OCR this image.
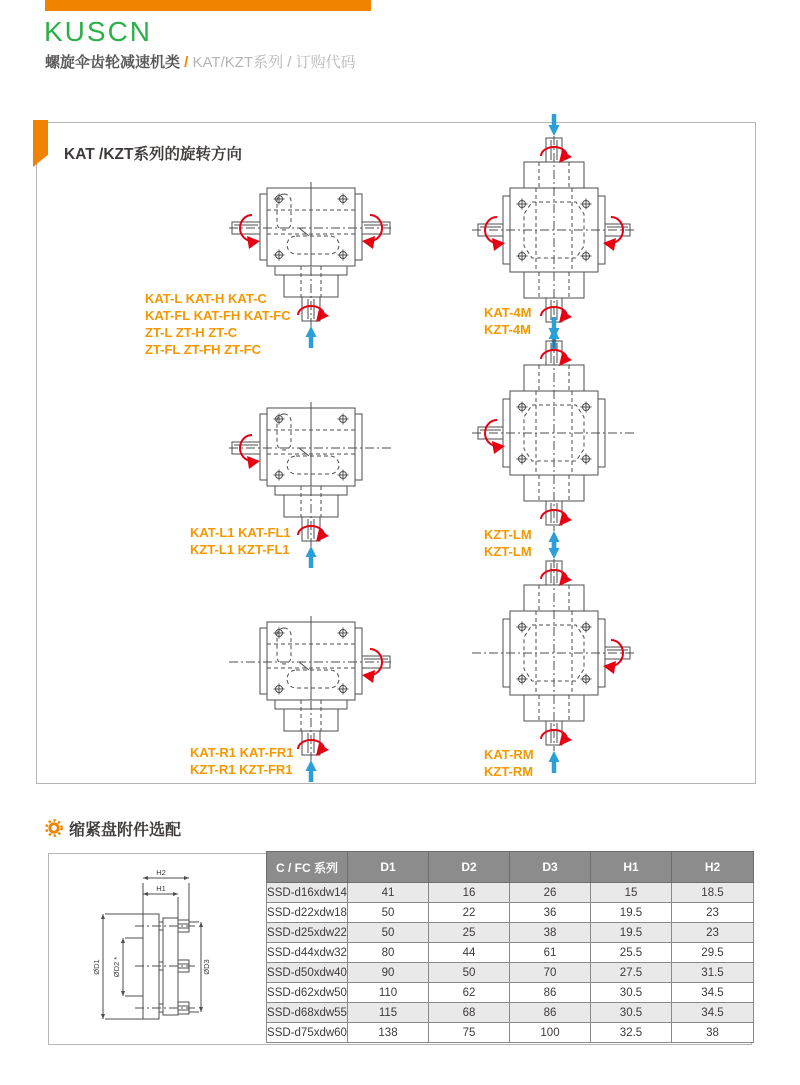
KUSCN
螺旋伞齿轮减速机类 / KAT/KZT系列 / 订购代码
KAT /KZT系列的旋转方向
KAT-L KAT-H KAT-C
KAT-FL KAT-FH KAT-FC
ZT-L ZT-H ZT-C
ZT-FL ZT-FH ZT-FC
KAT-4M
KZT-4M
KAT-L1 KAT-FL1
KZT-L1 KZT-FL1
KZT-LM
KZT-LM
KAT-R1 KAT-FR1
KZT-R1 KZT-FR1
KAT-RM
KZT-RM
缩紧盘附件选配
H2
H1
ØD1 ØD2 *	ØD3
C / FC 系列	D1	D2	D3	H1	H2
SSD-d16xdw14	41	16	26	15	18.5
SSD-d22xdw18	50	22	36	19.5	23
SSD-d25xdw22	50	25	38	19.5	23
SSD-d44xdw32	80	44	61	25.5	29.5
SSD-d50xdw40	90	50	70	27.5	31.5
SSD-d62xdw50	110	62	86	30.5	34.5
SSD-d68xdw55	115	68	86	30.5	34.5
SSD-d75xdw60	138	75	100	32.5	38
